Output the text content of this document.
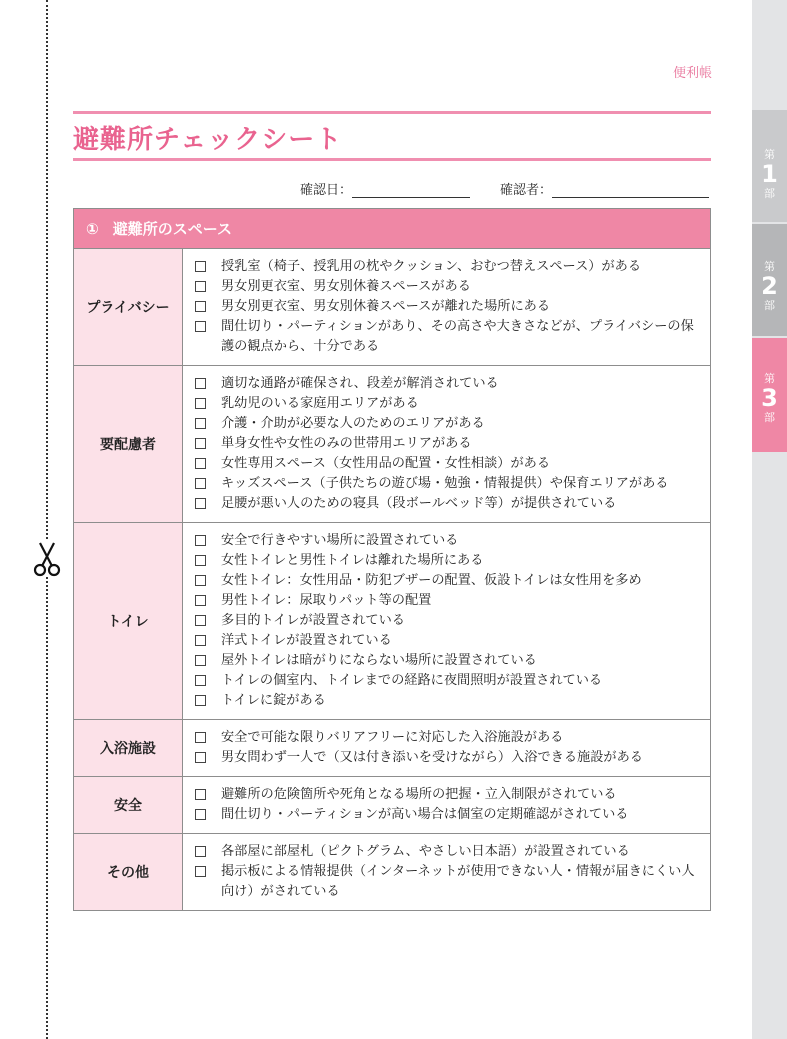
第
1
部
第
2
部
第
3
部
便利帳
避難所チェックシート
確認日：	確認者：
① 避難所のスペース
プライバシー
授乳室（椅子、授乳用の枕やクッション、おむつ替えスペース）がある
男女別更衣室、男女別休養スペースがある
男女別更衣室、男女別休養スペースが離れた場所にある
間仕切り・パーティションがあり、その高さや大きさなどが、プライバシーの保護の観点から、十分である
要配慮者
適切な通路が確保され、段差が解消されている
乳幼児のいる家庭用エリアがある
介護・介助が必要な人のためのエリアがある
単身女性や女性のみの世帯用エリアがある
女性専用スペース（女性用品の配置・女性相談）がある
キッズスペース（子供たちの遊び場・勉強・情報提供）や保育エリアがある
足腰が悪い人のための寝具（段ボールベッド等）が提供されている
トイレ
安全で行きやすい場所に設置されている
女性トイレと男性トイレは離れた場所にある
女性トイレ：女性用品・防犯ブザーの配置、仮設トイレは女性用を多め
男性トイレ：尿取りパット等の配置
多目的トイレが設置されている
洋式トイレが設置されている
屋外トイレは暗がりにならない場所に設置されている
トイレの個室内、トイレまでの経路に夜間照明が設置されている
トイレに錠がある
入浴施設
安全で可能な限りバリアフリーに対応した入浴施設がある
男女問わず一人で（又は付き添いを受けながら）入浴できる施設がある
安全
避難所の危険箇所や死角となる場所の把握・立入制限がされている
間仕切り・パーティションが高い場合は個室の定期確認がされている
その他
各部屋に部屋札（ピクトグラム、やさしい日本語）が設置されている
掲示板による情報提供（インターネットが使用できない人・情報が届きにくい人向け）がされている
